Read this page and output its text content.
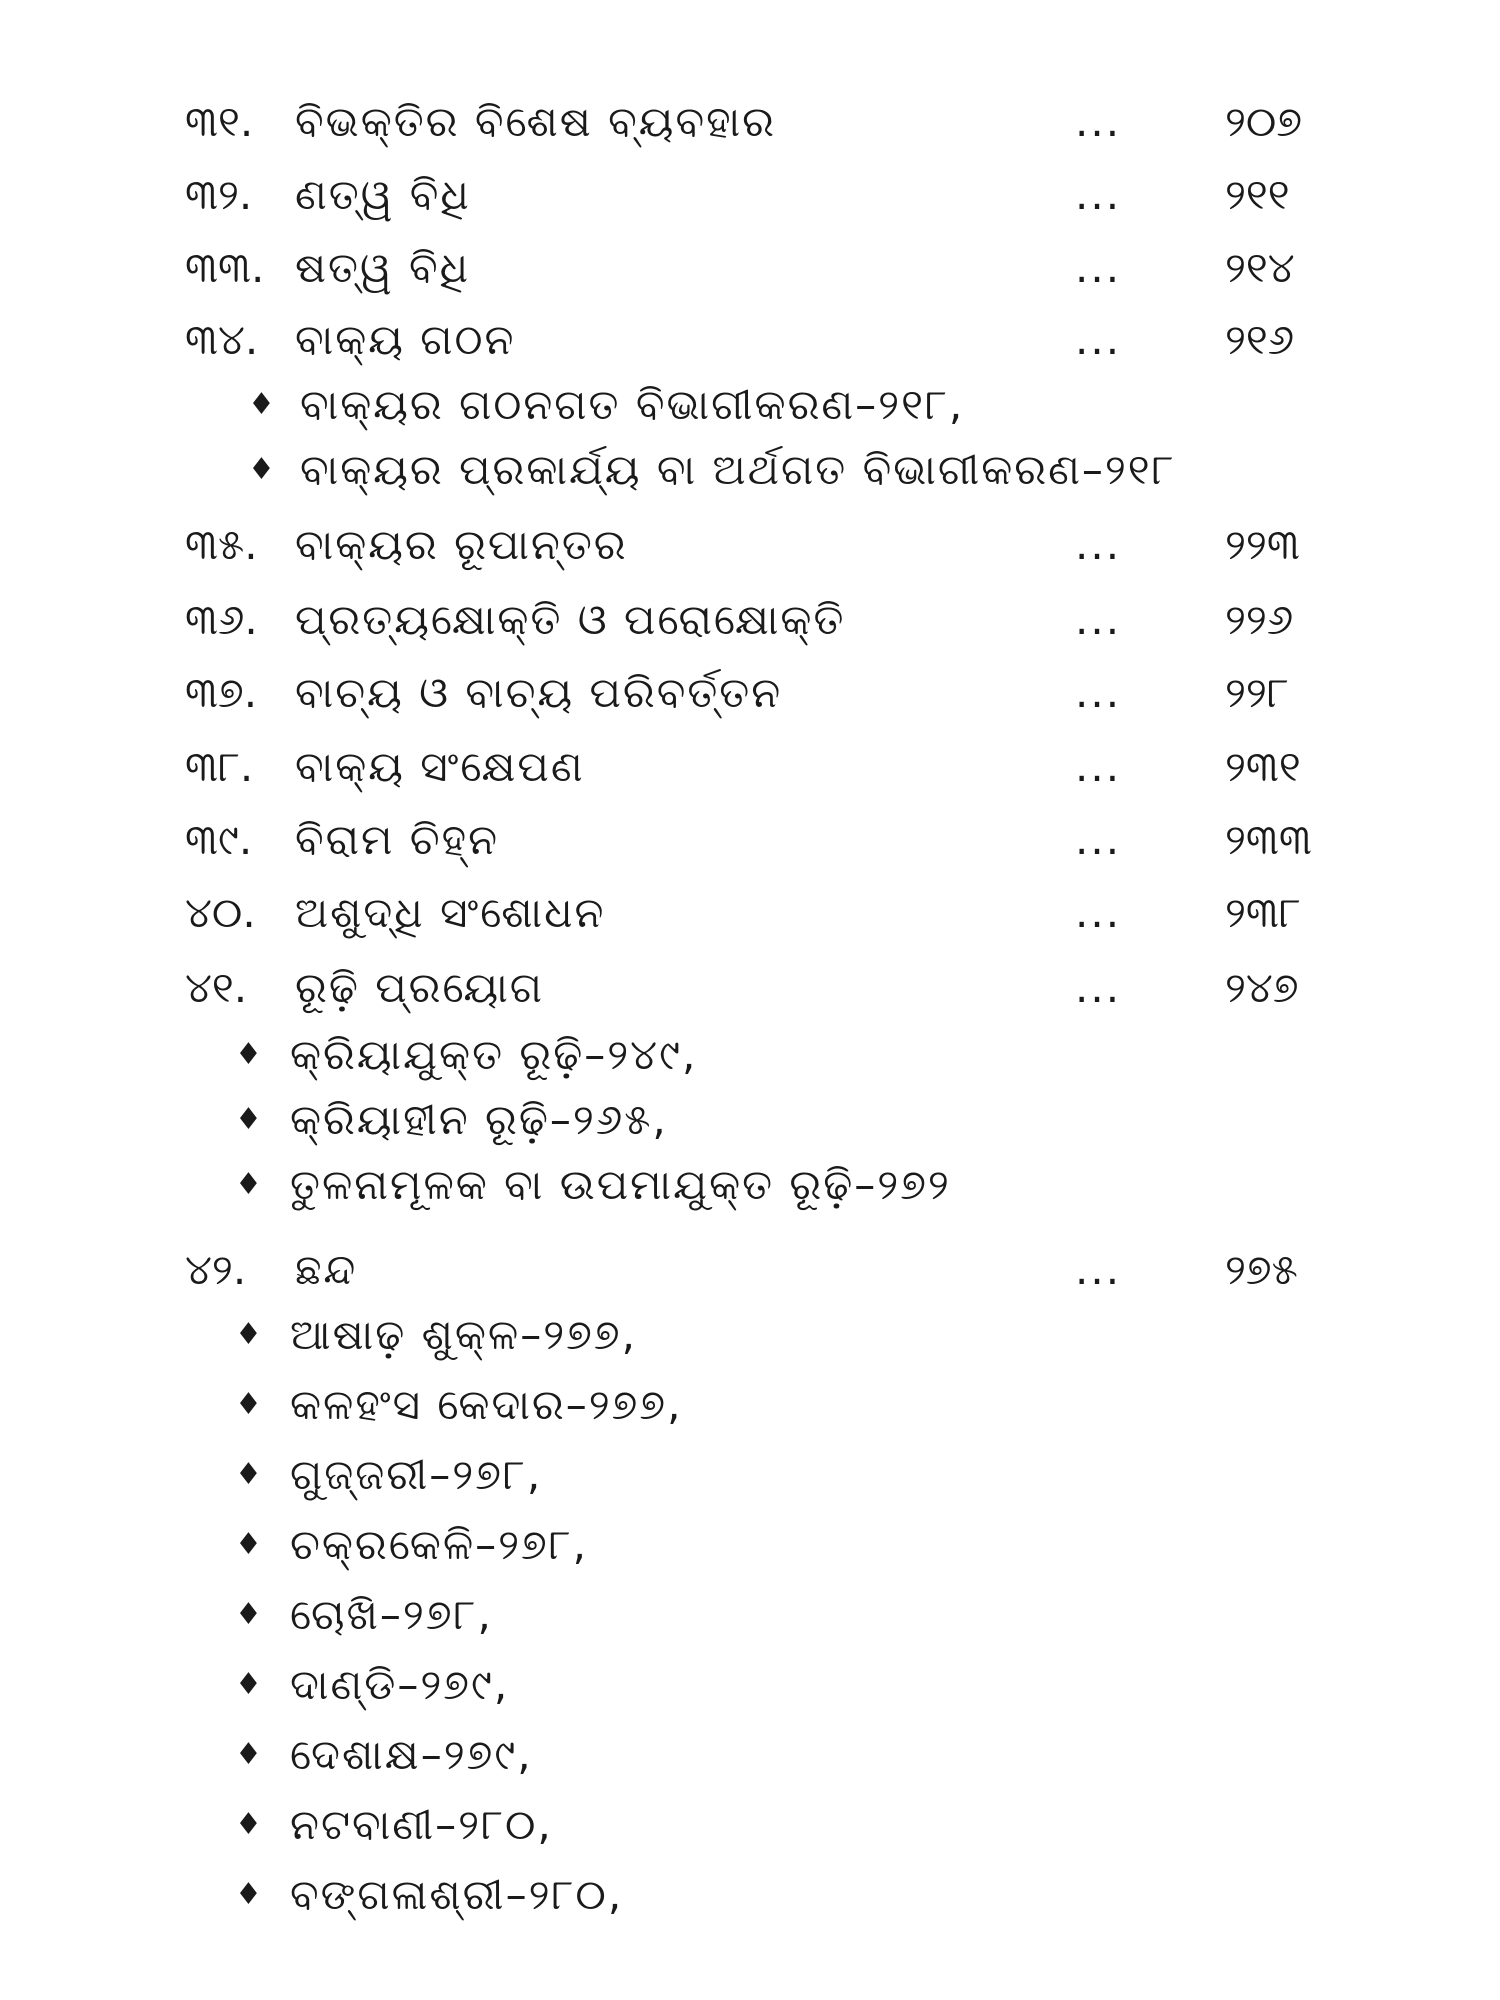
୩୧. ବିଭକ୍ତିର ବିଶେଷ ବ୍ୟବହାର	... ୨୦୭
୩୨. ଣତ୍ୱ ବିଧି	... ୨୧୧
୩୩. ଷତ୍ୱ ବିଧି	... ୨୧୪
୩୪. ବାକ୍ୟ ଗଠନ	... ୨୧୬
♦ ବାକ୍ୟର ଗଠନଗତ ବିଭାଗୀକରଣ–୨୧୮,
♦ ବାକ୍ୟର ପ୍ରକାର୍ଯ୍ୟ ବା ଅର୍ଥଗତ ବିଭାଗୀକରଣ–୨୧୮
୩୫. ବାକ୍ୟର ରୂପାନ୍ତର	... ୨୨୩
୩୬. ପ୍ରତ୍ୟକ୍ଷୋକ୍ତି ଓ ପରୋକ୍ଷୋକ୍ତି	... ୨୨୬
୩୭. ବାଚ୍ୟ ଓ ବାଚ୍ୟ ପରିବର୍ତ୍ତନ	... ୨୨୮
୩୮. ବାକ୍ୟ ସଂକ୍ଷେପଣ	... ୨୩୧
୩୯. ବିରାମ ଚିହ୍ନ	... ୨୩୩
୪୦. ଅଶୁଦ୍ଧି ସଂଶୋଧନ	... ୨୩୮
୪୧. ରୂଢ଼ି ପ୍ରୟୋଗ	... ୨୪୭
♦ କ୍ରିୟାଯୁକ୍ତ ରୂଢ଼ି–୨୪୯,
♦ କ୍ରିୟାହୀନ ରୂଢ଼ି–୨୬୫,
♦ ତୁଳନାମୂଳକ ବା ଉପମାଯୁକ୍ତ ରୂଢ଼ି–୨୭୨
୪୨. ଛନ୍ଦ	... ୨୭୫
♦ ଆଷାଢ଼ ଶୁକ୍ଳ–୨୭୭,
♦ କଳହଂସ କେଦାର–୨୭୭,
♦ ଗୁଜ୍ଜରୀ–୨୭୮,
♦ ଚକ୍ରକେଳି–୨୭୮,
♦ ଚୋଖି–୨୭୮,
♦ ଦାଣ୍ଡି–୨୭୯,
♦ ଦେଶାକ୍ଷ–୨୭୯,
♦ ନଟବାଣୀ–୨୮୦,
♦ ବଙ୍ଗଳାଶ୍ରୀ–୨୮୦,
